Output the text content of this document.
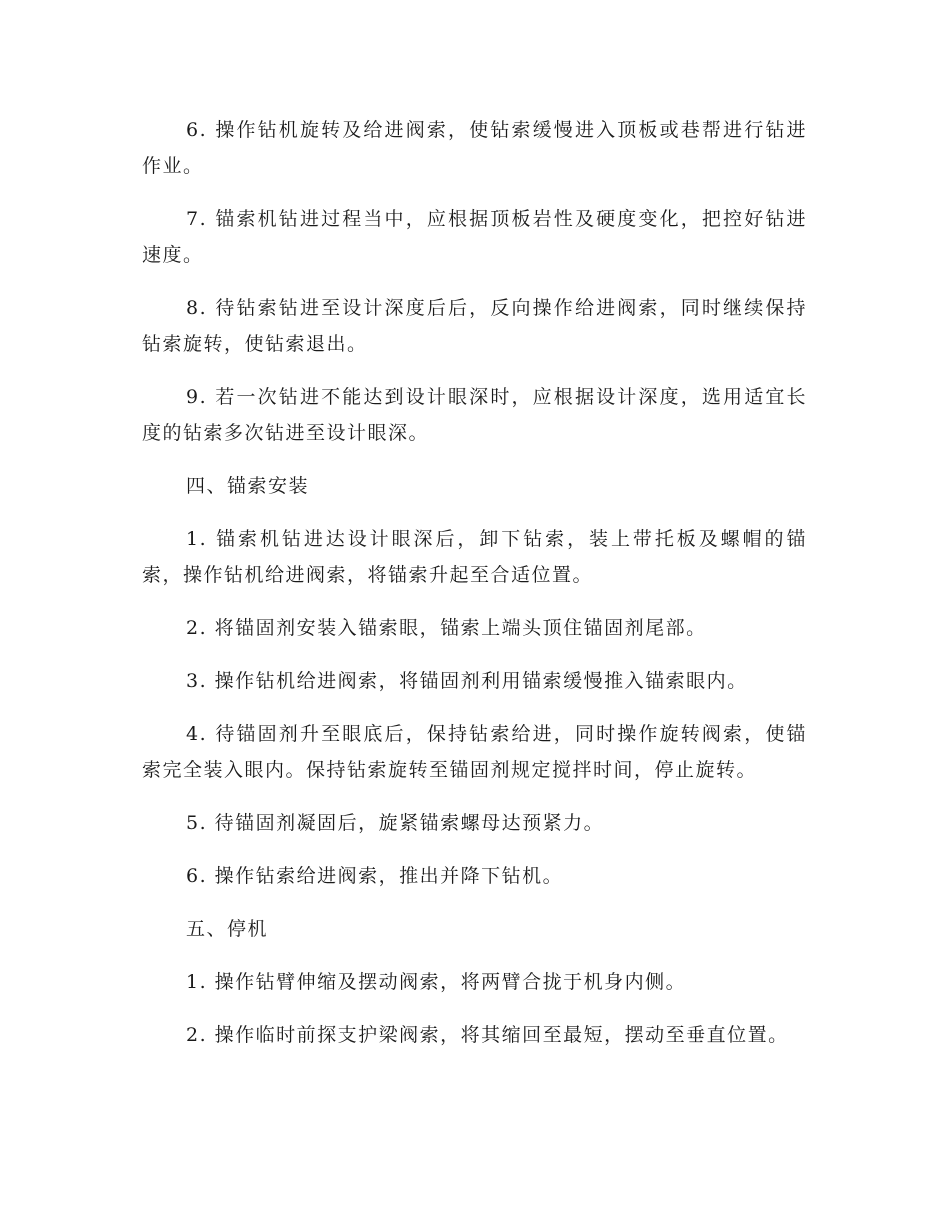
6. 操作钻机旋转及给进阀索，使钻索缓慢进入顶板或巷帮进行钻进作业。

7. 锚索机钻进过程当中，应根据顶板岩性及硬度变化，把控好钻进速度。

8. 待钻索钻进至设计深度后后，反向操作给进阀索，同时继续保持钻索旋转，使钻索退出。

9. 若一次钻进不能达到设计眼深时，应根据设计深度，选用适宜长度的钻索多次钻进至设计眼深。

四、锚索安装

1. 锚索机钻进达设计眼深后，卸下钻索，装上带托板及螺帽的锚索，操作钻机给进阀索，将锚索升起至合适位置。

2. 将锚固剂安装入锚索眼，锚索上端头顶住锚固剂尾部。

3. 操作钻机给进阀索，将锚固剂利用锚索缓慢推入锚索眼内。

4. 待锚固剂升至眼底后，保持钻索给进，同时操作旋转阀索，使锚索完全装入眼内。保持钻索旋转至锚固剂规定搅拌时间，停止旋转。

5. 待锚固剂凝固后，旋紧锚索螺母达预紧力。

6. 操作钻索给进阀索，推出并降下钻机。

五、停机

1. 操作钻臂伸缩及摆动阀索，将两臂合拢于机身内侧。

2. 操作临时前探支护梁阀索，将其缩回至最短，摆动至垂直位置。
